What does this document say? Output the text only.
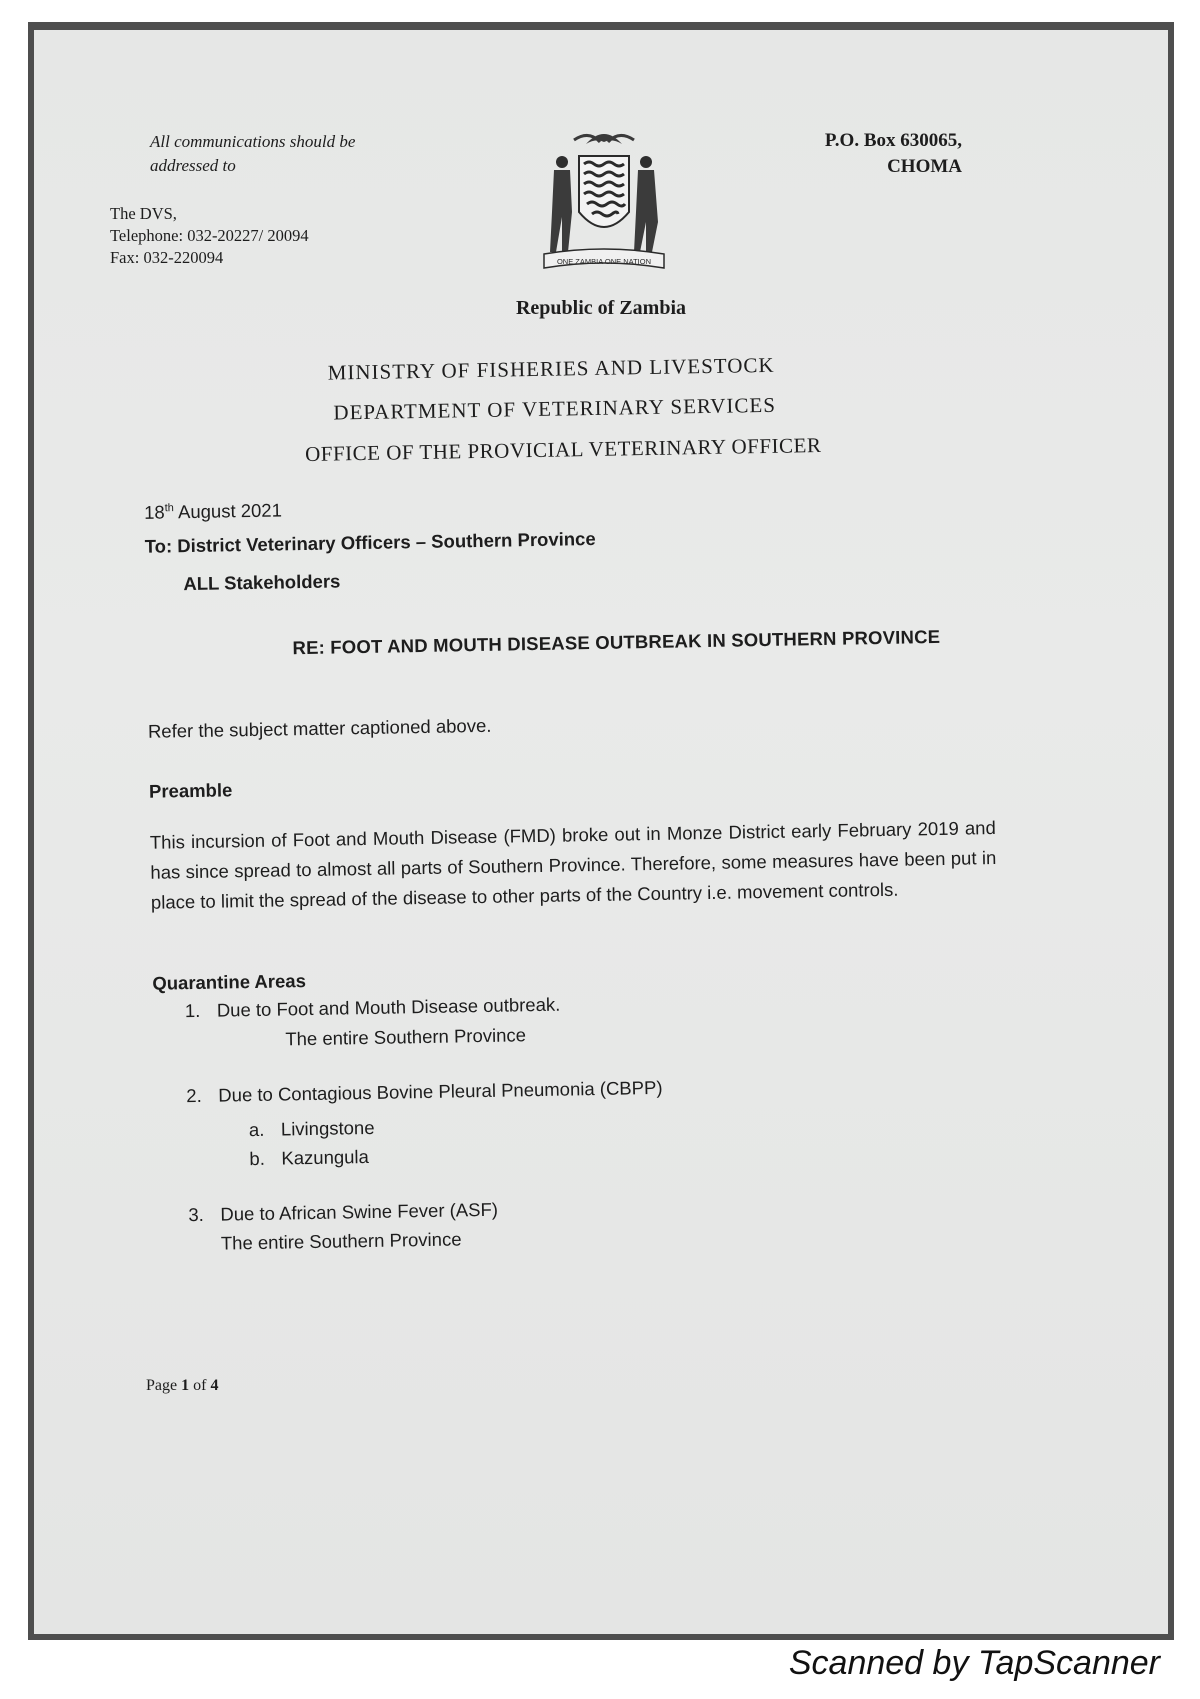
All communications should be
addressed to
P.O. Box 630065,
CHOMA
The DVS,
Telephone: 032-20227/ 20094
Fax: 032-220094	ONE ZAMBIA ONE NATION
Republic of Zambia
MINISTRY OF FISHERIES AND LIVESTOCK
DEPARTMENT OF VETERINARY SERVICES
OFFICE OF THE PROVICIAL VETERINARY OFFICER
18th August 2021
To: District Veterinary Officers – Southern Province
ALL Stakeholders
RE: FOOT AND MOUTH DISEASE OUTBREAK IN SOUTHERN PROVINCE
Refer the subject matter captioned above.
Preamble
This incursion of Foot and Mouth Disease (FMD) broke out in Monze District early February 2019 and has since spread to almost all parts of Southern Province. Therefore, some measures have been put in place to limit the spread of the disease to other parts of the Country i.e. movement controls.
Quarantine Areas
1. Due to Foot and Mouth Disease outbreak.
The entire Southern Province
2. Due to Contagious Bovine Pleural Pneumonia (CBPP)
a. Livingstone
b. Kazungula
3. Due to African Swine Fever (ASF)
The entire Southern Province
Page 1 of 4
Scanned by TapScanner
